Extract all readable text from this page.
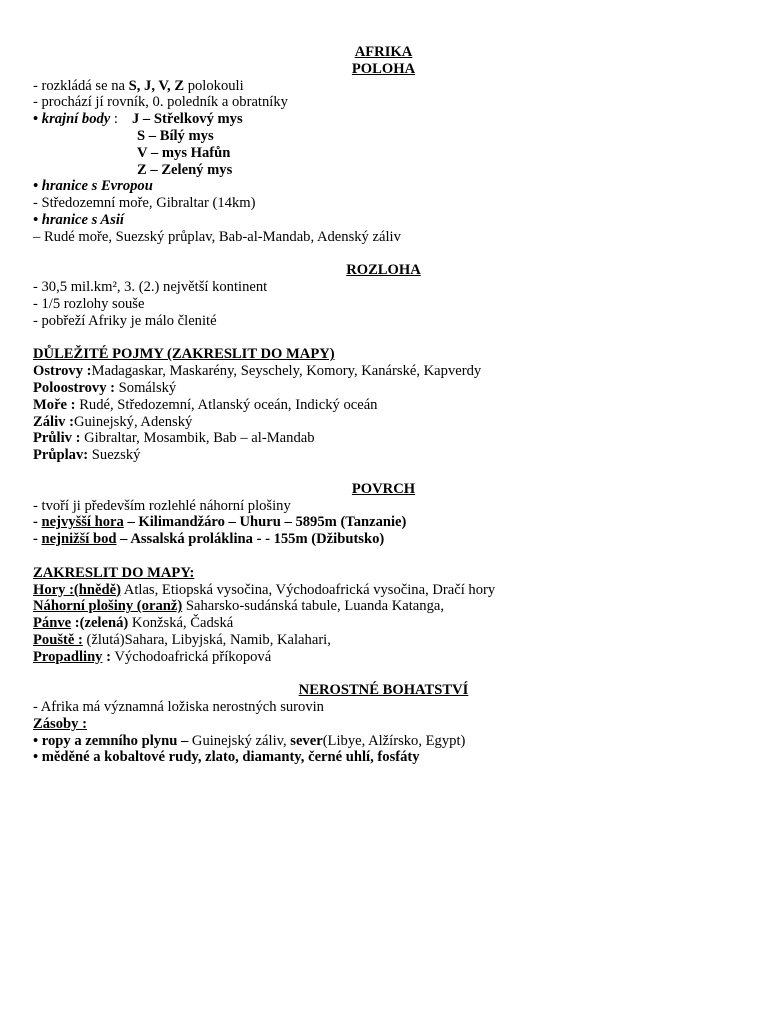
AFRIKA
POLOHA
- rozkládá se na S, J, V, Z polokouli
- prochází jí rovník, 0. poledník a obratníky
• krajní body : J – Střelkový mys
S – Bílý mys
V – mys Hafůn
Z – Zelený mys
• hranice s Evropou
- Středozemní moře, Gibraltar (14km)
• hranice s Asií
– Rudé moře, Suezský průplav, Bab-al-Mandab, Adenský záliv
ROZLOHA
- 30,5 mil.km², 3. (2.) největší kontinent
- 1/5 rozlohy souše
- pobřeží Afriky je málo členité
DŮLEŽITÉ POJMY (ZAKRESLIT DO MAPY)
Ostrovy :Madagaskar, Maskarény, Seyschely, Komory, Kanárské, Kapverdy
Poloostrovy : Somálský
Moře : Rudé, Středozemní, Atlanský oceán, Indický oceán
Záliv :Guinejský, Adenský
Průliv : Gibraltar, Mosambik, Bab – al-Mandab
Průplav: Suezský
POVRCH
- tvoří ji především rozlehlé náhorní plošiny
- nejvyšší hora – Kilimandžáro – Uhuru – 5895m (Tanzanie)
- nejnižší bod – Assalská proláklina - - 155m (Džibutsko)
ZAKRESLIT DO MAPY:
Hory :(hnědě) Atlas, Etiopská vysočina, Východoafrická vysočina, Dračí hory
Náhorní plošiny (oranž) Saharsko-sudánská tabule, Luanda Katanga,
Pánve :(zelená) Konžská, Čadská
Pouště : (žlutá)Sahara, Libyjská, Namib, Kalahari,
Propadliny : Východoafrická příkopová
NEROSTNÉ BOHATSTVÍ
- Afrika má významná ložiska nerostných surovin
Zásoby :
• ropy a zemního plynu – Guinejský záliv, sever(Libye, Alžírsko, Egypt)
• měděné a kobaltové rudy, zlato, diamanty, černé uhlí, fosfáty
